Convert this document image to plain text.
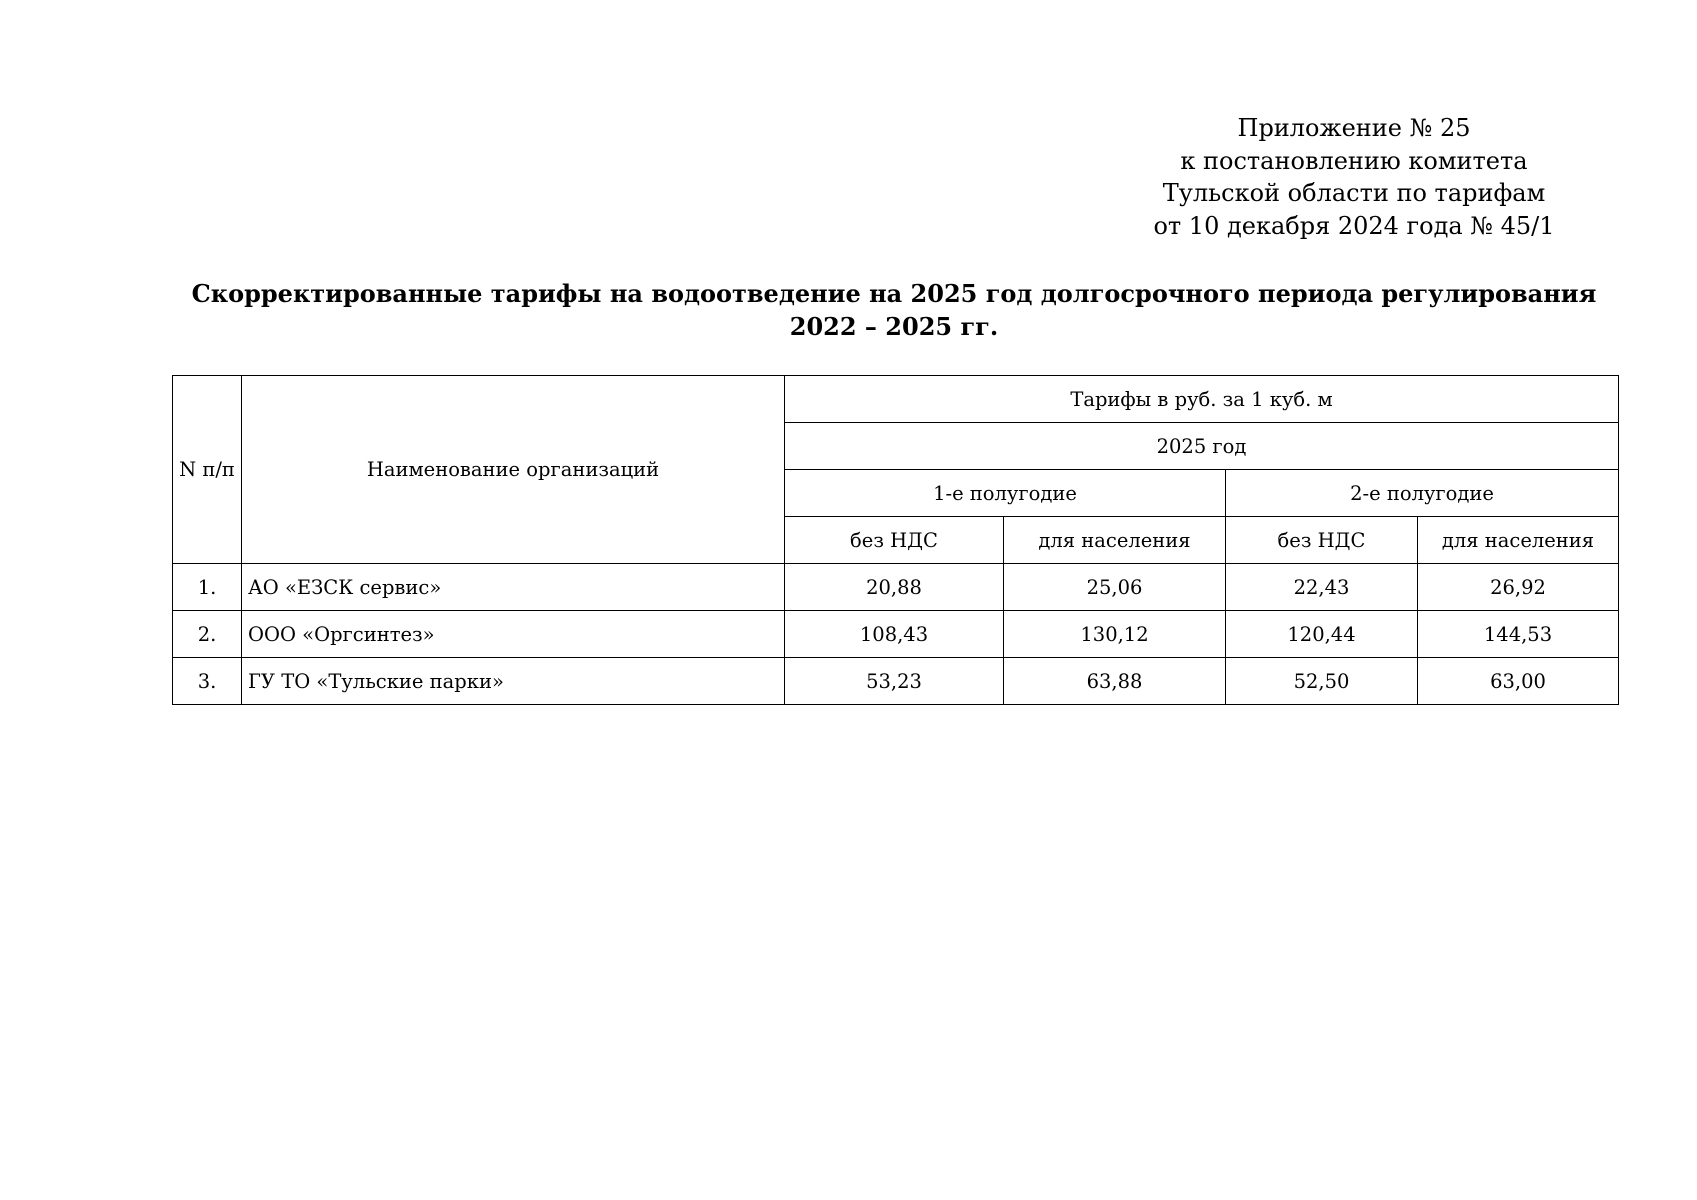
Приложение № 25
к постановлению комитета
Тульской области по тарифам
от 10 декабря 2024 года № 45/1
Скорректированные тарифы на водоотведение на 2025 год долгосрочного периода регулирования
2022 – 2025 гг.
N п/п	Наименование организаций	Тарифы в руб. за 1 куб. м			
		2025 год			
		1-е полугодие		2-е полугодие	
		без НДС	для населения	без НДС	для населения
1.	АО «ЕЗСК сервис»	20,88	25,06	22,43	26,92
2.	ООО «Оргсинтез»	108,43	130,12	120,44	144,53
3.	ГУ ТО «Тульские парки»	53,23	63,88	52,50	63,00
